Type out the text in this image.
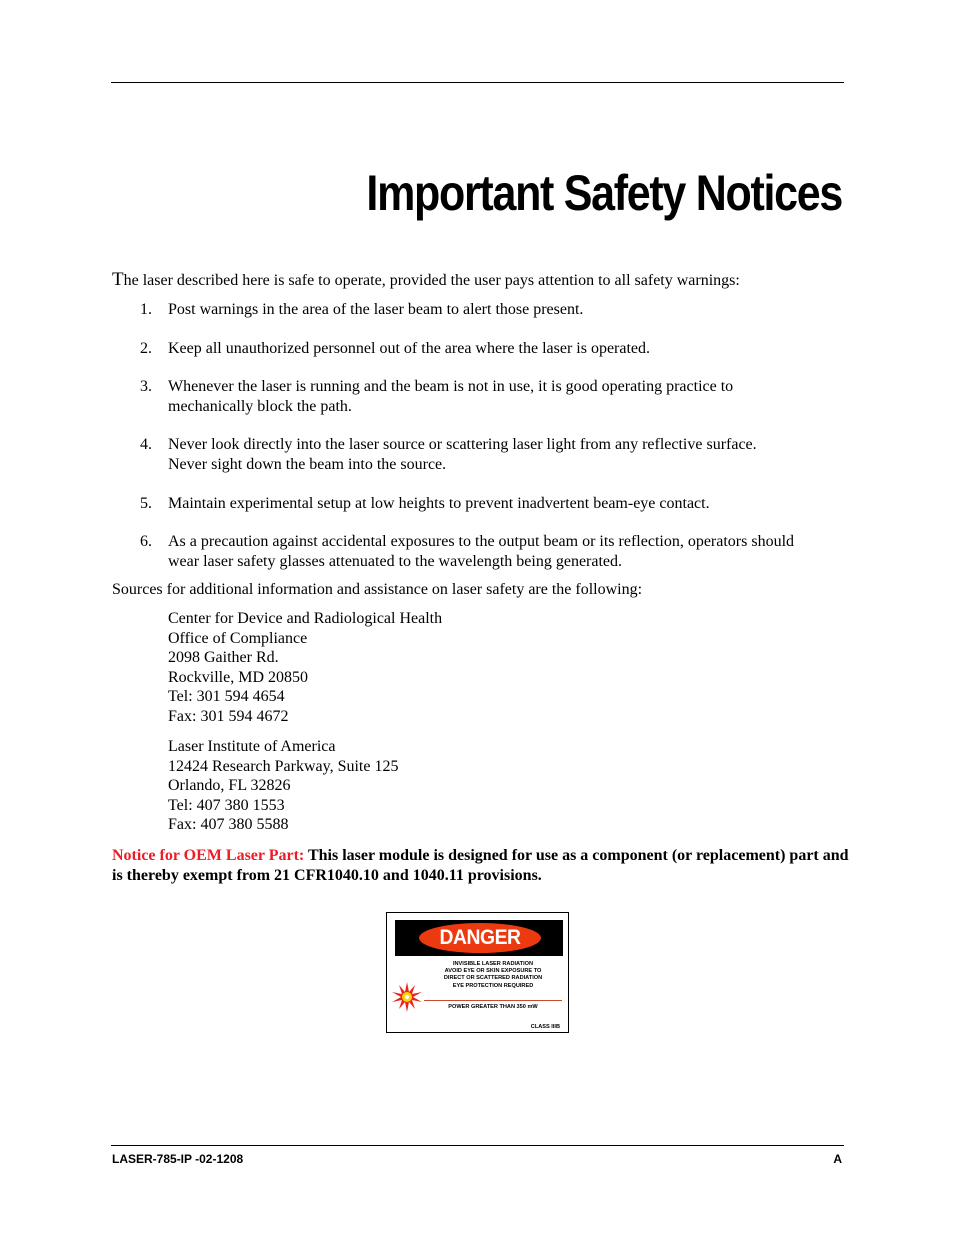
Important Safety Notices

The laser described here is safe to operate, provided the user pays attention to all safety warnings:

1. Post warnings in the area of the laser beam to alert those present.
2. Keep all unauthorized personnel out of the area where the laser is operated.
3. Whenever the laser is running and the beam is not in use, it is good operating practice to
mechanically block the path.
4. Never look directly into the laser source or scattering laser light from any reflective surface.
Never sight down the beam into the source.
5. Maintain experimental setup at low heights to prevent inadvertent beam-eye contact.
6. As a precaution against accidental exposures to the output beam or its reflection, operators should
wear laser safety glasses attenuated to the wavelength being generated.

Sources for additional information and assistance on laser safety are the following:

Center for Device and Radiological Health
Office of Compliance
2098 Gaither Rd.
Rockville, MD 20850
Tel: 301 594 4654
Fax: 301 594 4672
Laser Institute of America
12424 Research Parkway, Suite 125
Orlando, FL 32826
Tel: 407 380 1553
Fax: 407 380 5588

Notice for OEM Laser Part: This laser module is designed for use as a component (or replacement) part and is thereby exempt from 21 CFR1040.10 and 1040.11 provisions.

DANGER
INVISIBLE LASER RADIATION
AVOID EYE OR SKIN EXPOSURE TO
DIRECT OR SCATTERED RADIATION
EYE PROTECTION REQUIRED
POWER GREATER THAN 350 mW
CLASS IIIB
LASER-785-IP -02-1208	A
